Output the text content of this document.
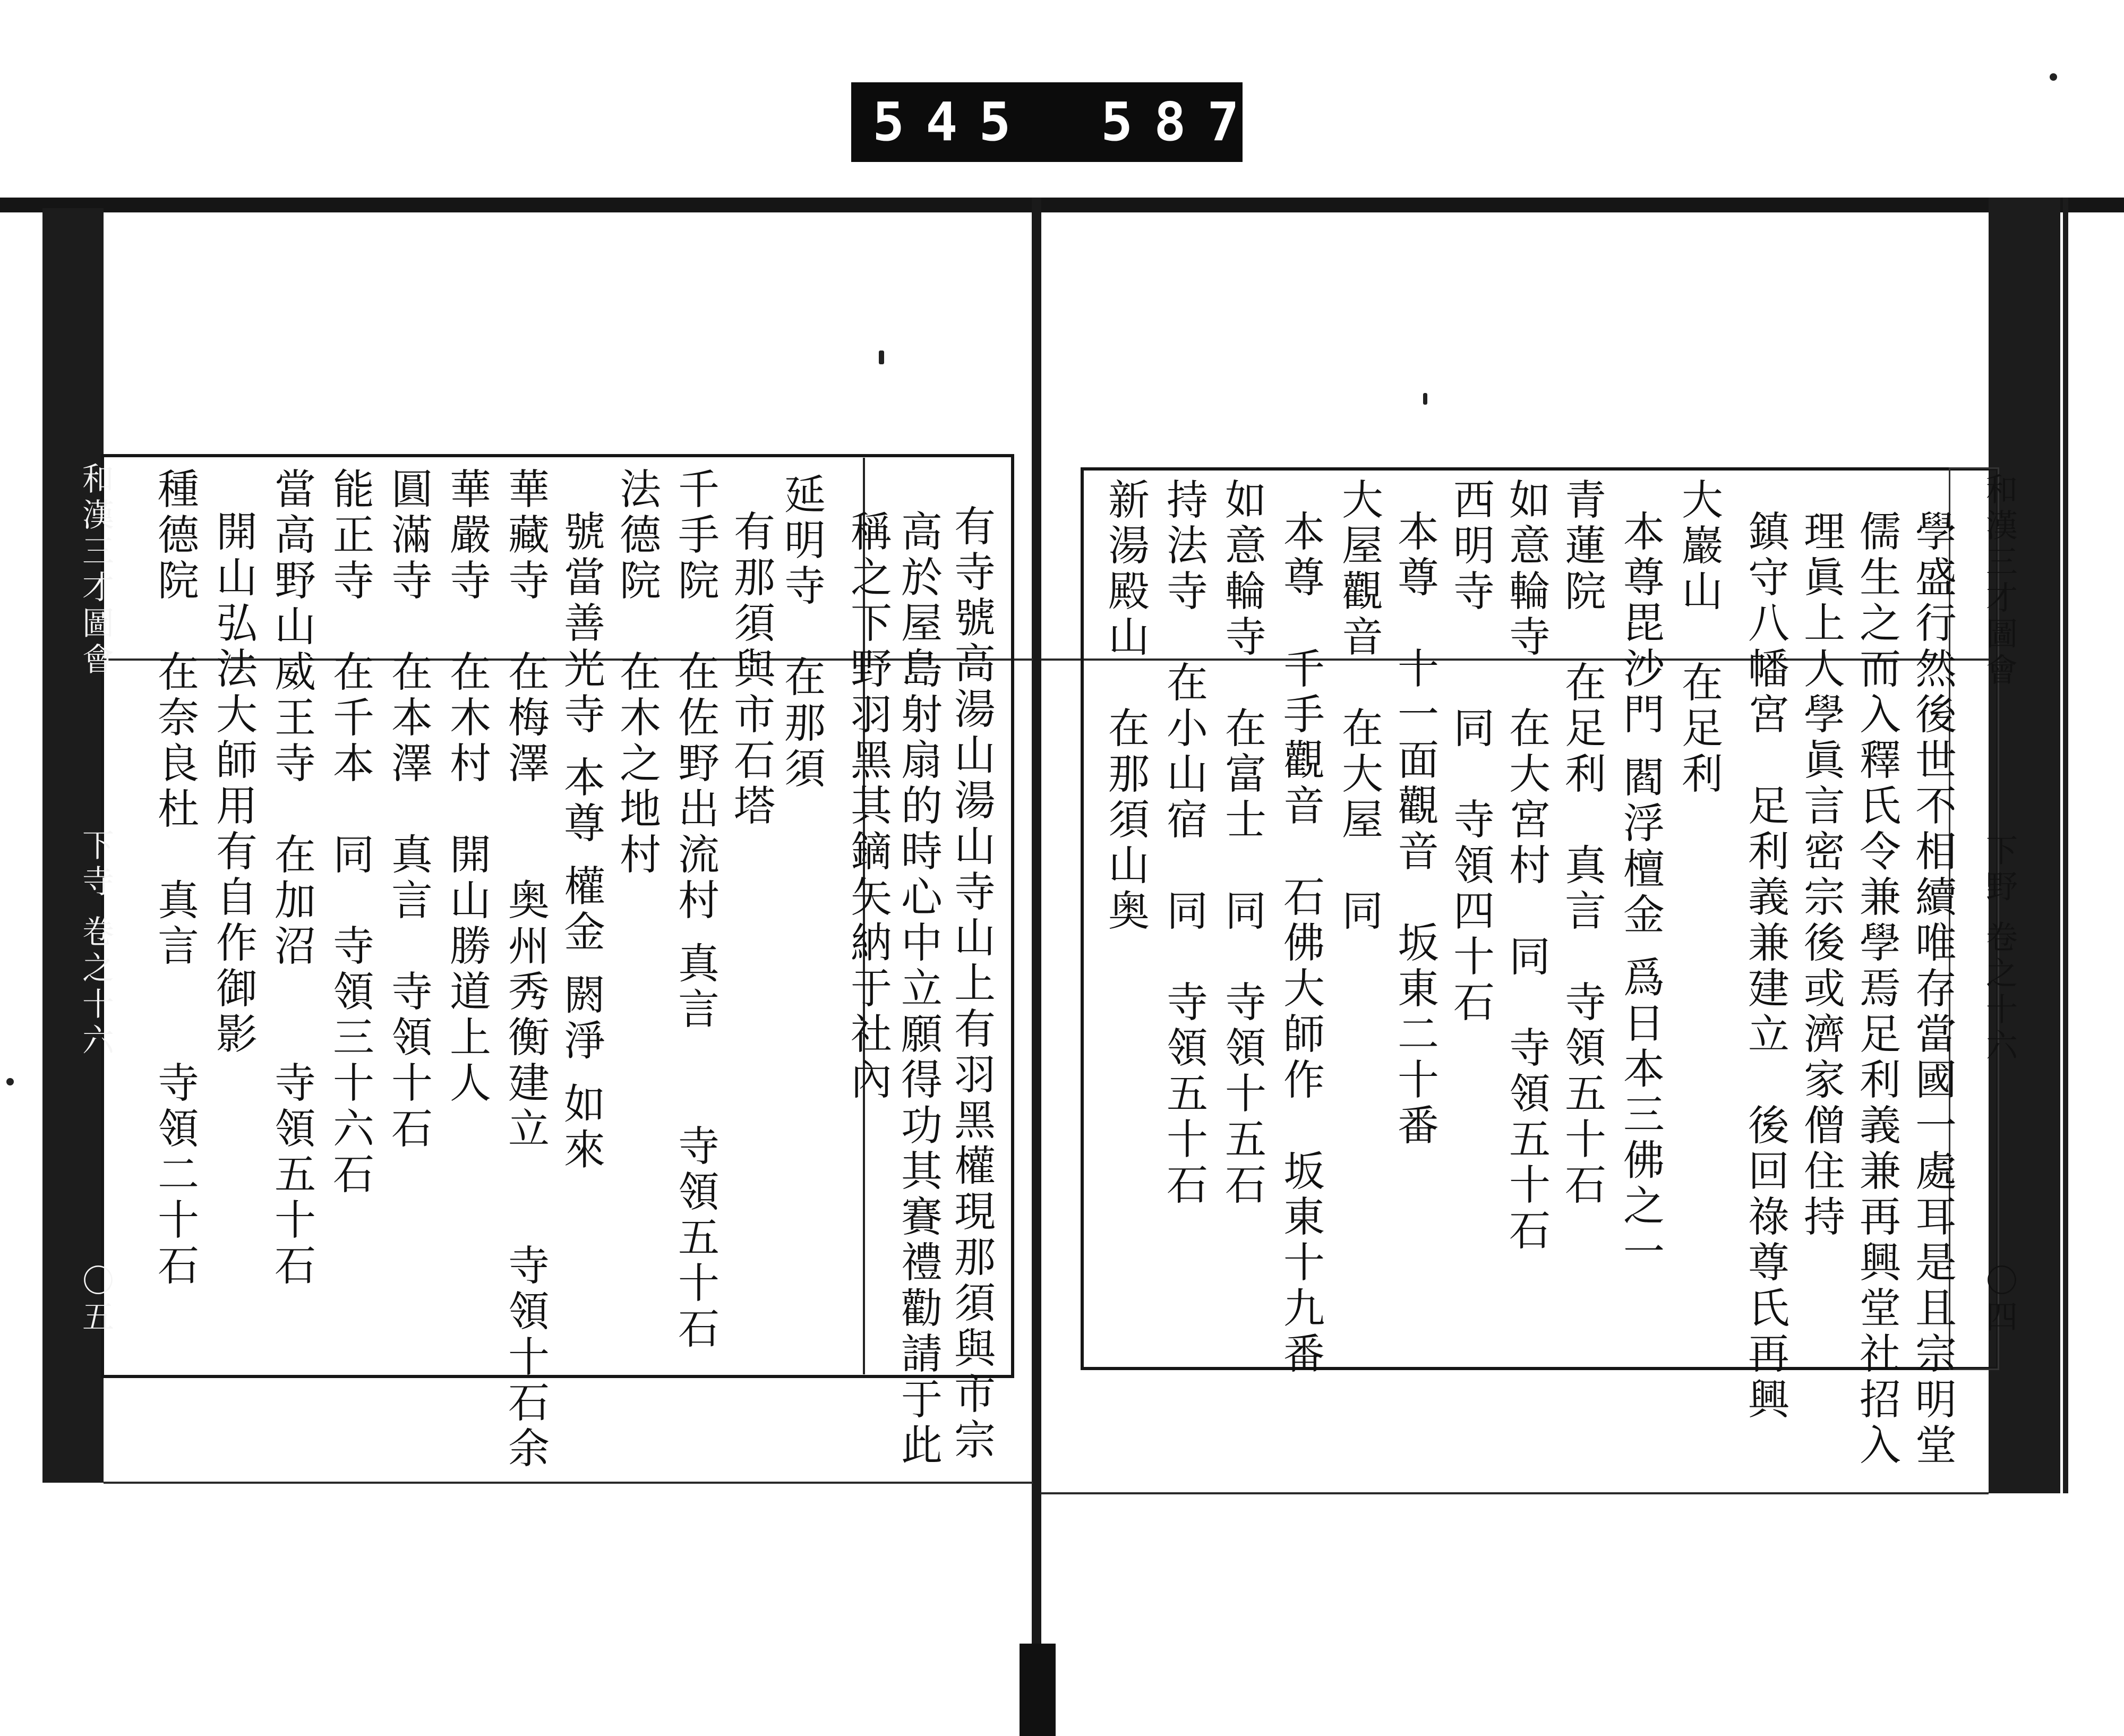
545 587
和漢三才圖會
下寺 卷之十六
〇五	有寺號高湯山湯山寺山上有羽黑權現那須與市宗
高於屋島射扇的時心中立願得功其賽禮勸請于此
稱之下野羽黑其鏑矢納于社內
延明寺　在那須
有那須與市石塔
千手院　在佐野出流村 真言　　寺領五十石
法德院　在木之地村
號當善光寺 本尊 權金 閼淨 如來
華藏寺　在梅澤　　奥州秀衡建立　　寺領十石余
華嚴寺　在木村　開山勝道上人
圓滿寺　在本澤　真言　寺領十石
能正寺　在千本　同　寺領三十六石
當高野山威王寺　在加沼　　寺領五十石
開山弘法大師用有自作御影
種德院　在奈良杜　真言　　寺領二十石	和漢三才圖會
下野 卷之十六
〇四
學盛行然後世不相續唯存當國一處耳是且宗明堂
儒生之而入釋氏令兼學焉足利義兼再興堂社招入
理眞上人學眞言密宗後或濟家僧住持
鎮守八幡宮　足利義兼建立　後回祿尊氏再興
大巖山　在足利
本尊毘沙門 閻浮檀金 爲日本三佛之一
青蓮院　在足利　真言　寺領五十石
如意輪寺　在大宮村　同　寺領五十石
西明寺　　同　寺領四十石
本尊　十一面觀音　坂東二十番
大屋觀音　在大屋　同
本尊　千手觀音　石佛大師作　坂東十九番
如意輪寺　在富士　同　寺領十五石
持法寺　在小山宿　同　寺領五十石
新湯殿山　在那須山奥
